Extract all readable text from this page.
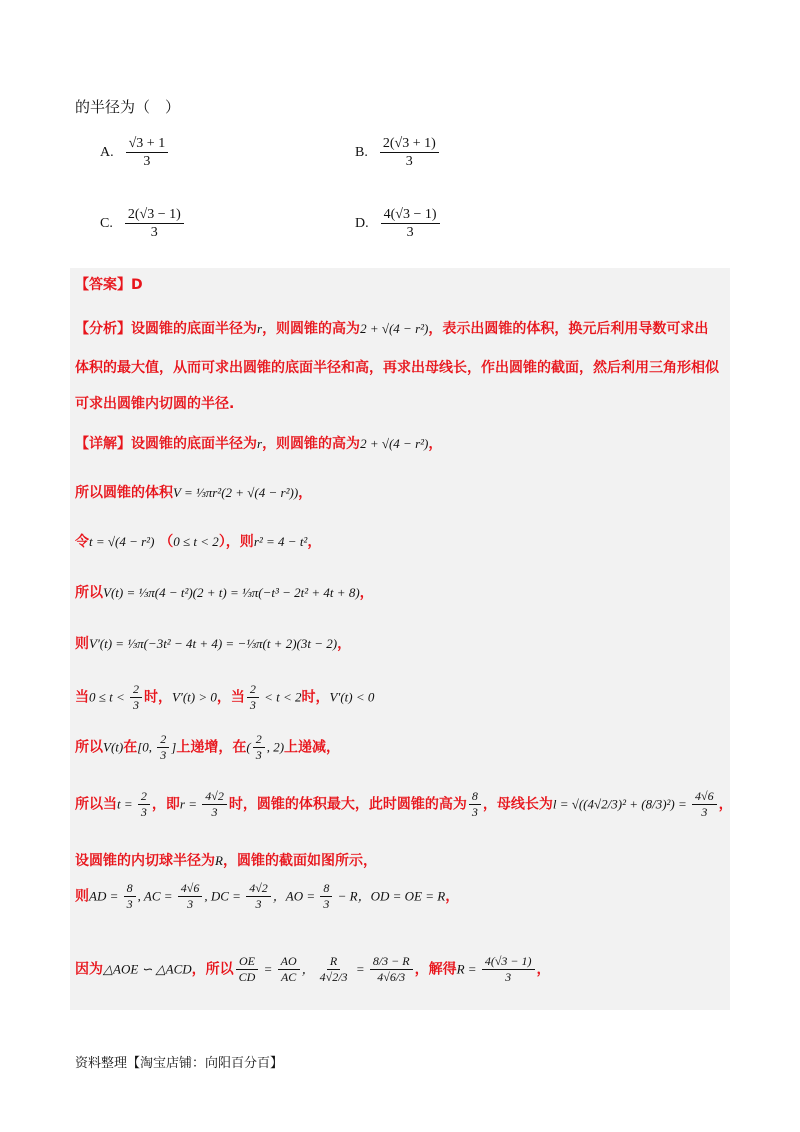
的半径为（　）
A. $\frac{√3 + 1}{3}$	B. $\frac{2(√3 + 1)}{3}$
C. $\frac{2(√3 - 1)}{3}$	D. $\frac{4(√3 - 1)}{3}$
【答案】D
【分析】设圆锥的底面半径为r，则圆锥的高为2 + √(4 − r²)，表示出圆锥的体积，换元后利用导数可求出
体积的最大值，从而可求出圆锥的底面半径和高，再求出母线长，作出圆锥的截面，然后利用三角形相似
可求出圆锥内切圆的半径.
【详解】设圆锥的底面半径为r，则圆锥的高为2 + √(4 − r²)，
所以圆锥的体积V = ⅓πr²(2 + √(4 − r²))，
令t = √(4 − r²) （0 ≤ t < 2），则r² = 4 − t²，
所以V(t) = ⅓π(4 − t²)(2 + t) = ⅓π(−t³ − 2t² + 4t + 8)，
则V′(t) = ⅓π(−3t² − 4t + 4) = −⅓π(t + 2)(3t − 2)，
当$0 \le t < \frac{2}{3}$ 时，V′(t) > 0，当 $\frac{2}{3} < t < 2$时，V′(t) < 0
所以V(t)在[0, $\frac{2}{3}$ ]上递增，在( $\frac{2}{3}$ , 2)上递减，
所以当$t = \frac{2}{3}$ ，即$r = \frac{4√2}{3}$ 时，圆锥的体积最大，此时圆锥的高为 $\frac{8}{3}$ ，母线长为$l = √((4√2/3)^2 + (8/3)^2) = \frac{4√6}{3}$ ，
设圆锥的内切球半径为R，圆锥的截面如图所示，
则AD = $\frac{8}{3}$ , AC = $\frac{4√6}{3}$ , DC = $\frac{4√2}{3}$ ，AO = $\frac{8}{3} - R$，OD = OE = R，
因为△AOE ∽ △ACD，所以 $\frac{OE}{CD} = \frac{AO}{AC}$ ， $\frac{R}{4√2/3} = \frac{8/3 - R}{4√6/3}$ ，解得$R = \frac{4(√3 - 1)}{3}$ ，
资料整理【淘宝店铺：向阳百分百】
